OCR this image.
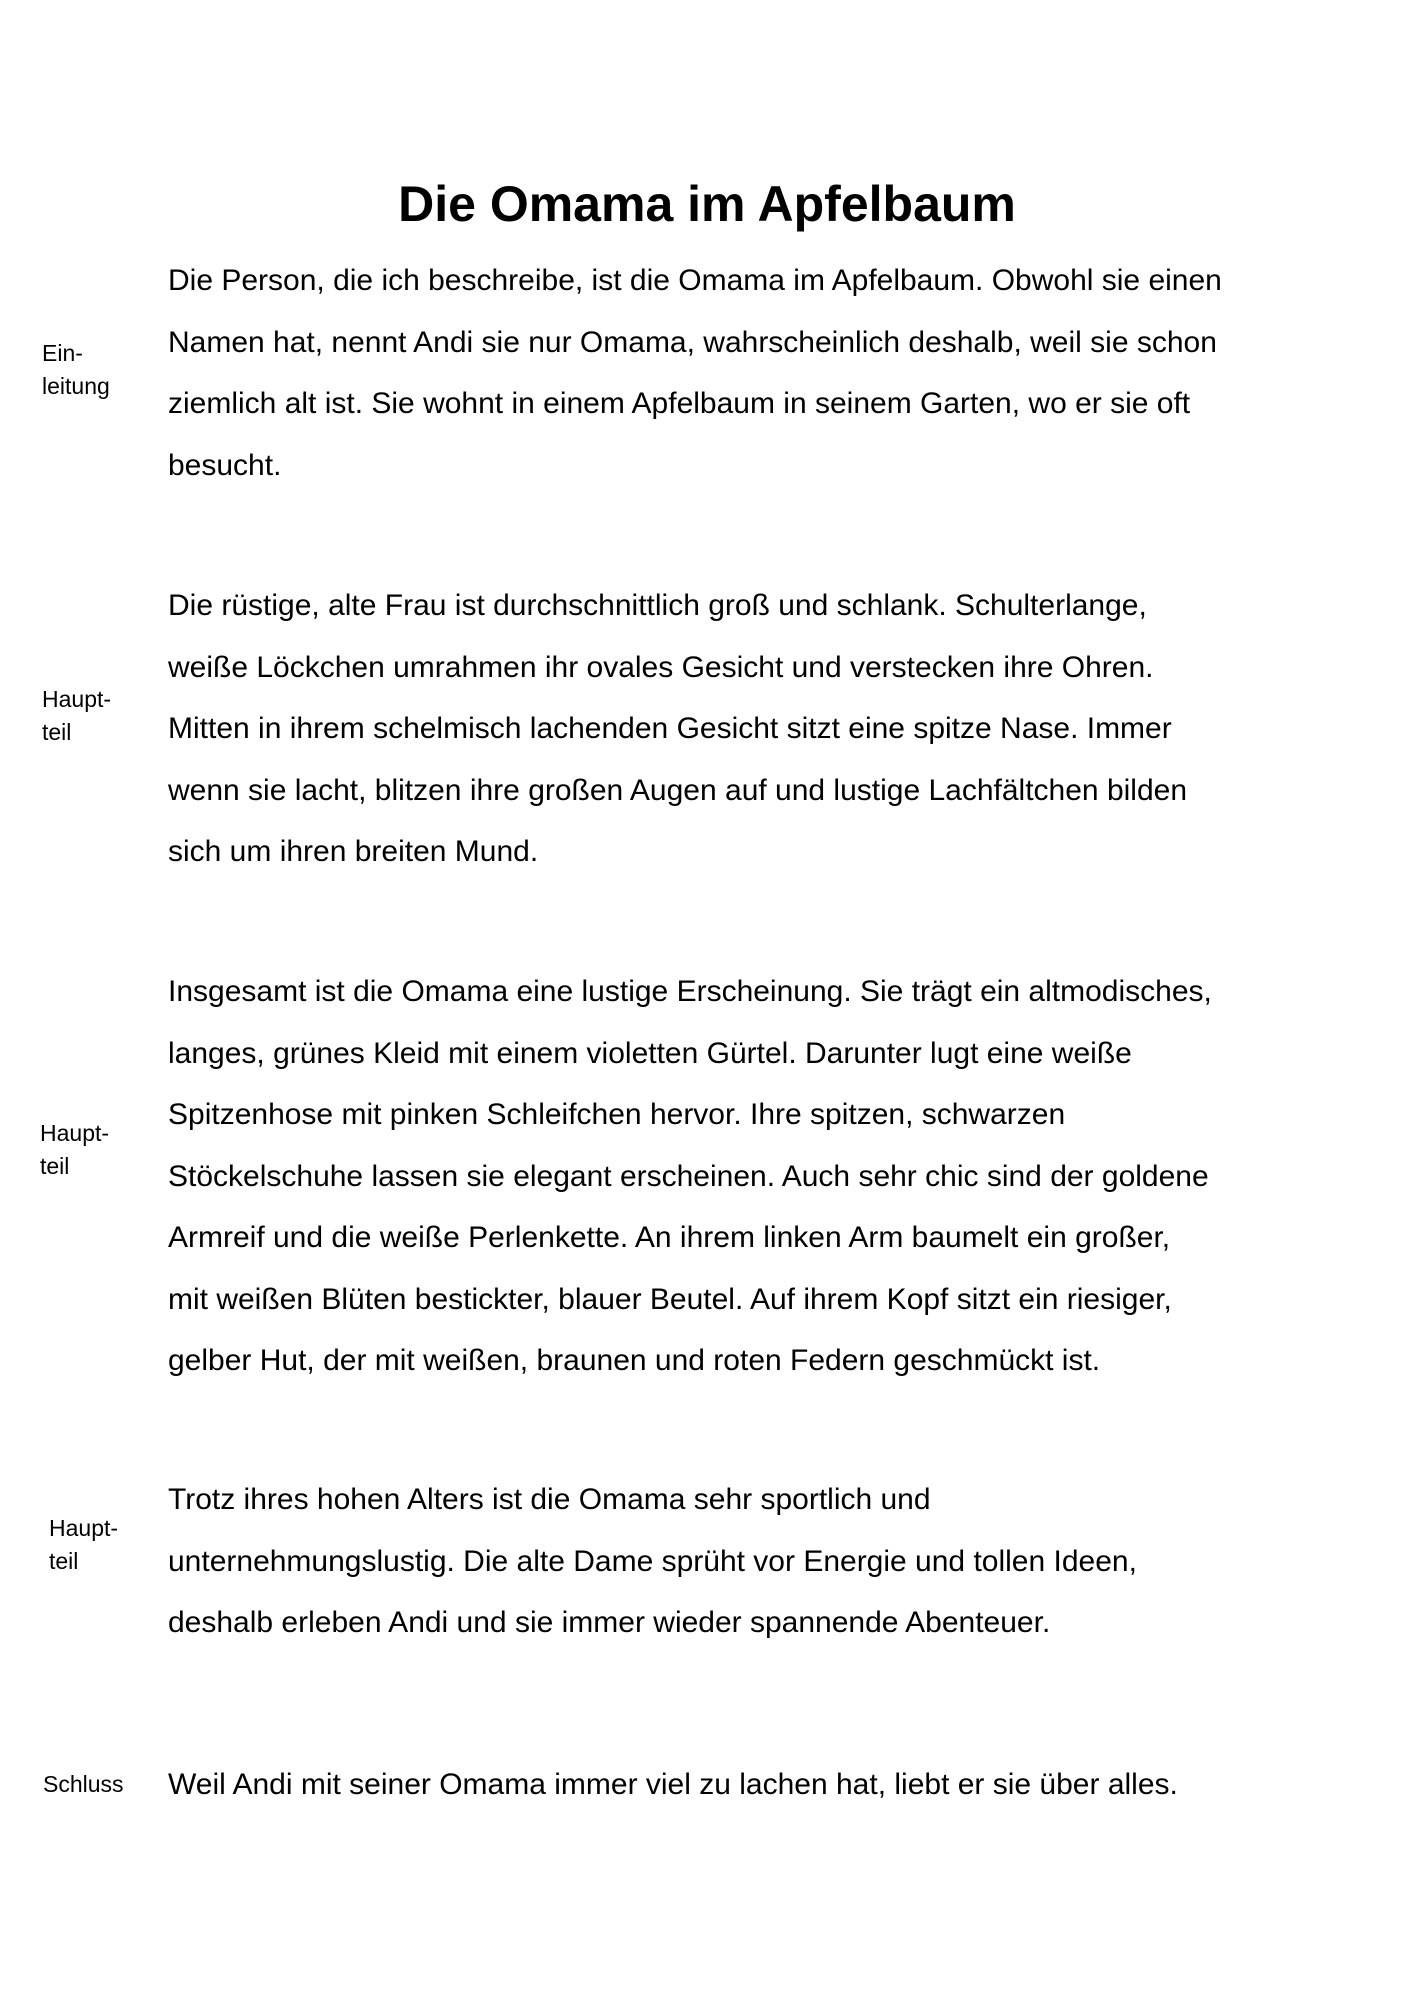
Die Omama im Apfelbaum
Ein-
leitung

Die Person, die ich beschreibe, ist die Omama im Apfelbaum. Obwohl sie einen
Namen hat, nennt Andi sie nur Omama, wahrscheinlich deshalb, weil sie schon
ziemlich alt ist. Sie wohnt in einem Apfelbaum in seinem Garten, wo er sie oft
besucht.

Haupt-
teil

Die rüstige, alte Frau ist durchschnittlich groß und schlank. Schulterlange,
weiße Löckchen umrahmen ihr ovales Gesicht und verstecken ihre Ohren.
Mitten in ihrem schelmisch lachenden Gesicht sitzt eine spitze Nase. Immer
wenn sie lacht, blitzen ihre großen Augen auf und lustige Lachfältchen bilden
sich um ihren breiten Mund.

Haupt-
teil

Insgesamt ist die Omama eine lustige Erscheinung. Sie trägt ein altmodisches,
langes, grünes Kleid mit einem violetten Gürtel. Darunter lugt eine weiße
Spitzenhose mit pinken Schleifchen hervor. Ihre spitzen, schwarzen
Stöckelschuhe lassen sie elegant erscheinen. Auch sehr chic sind der goldene
Armreif und die weiße Perlenkette. An ihrem linken Arm baumelt ein großer,
mit weißen Blüten bestickter, blauer Beutel. Auf ihrem Kopf sitzt ein riesiger,
gelber Hut, der mit weißen, braunen und roten Federn geschmückt ist.

Haupt-
teil

Trotz ihres hohen Alters ist die Omama sehr sportlich und
unternehmungslustig. Die alte Dame sprüht vor Energie und tollen Ideen,
deshalb erleben Andi und sie immer wieder spannende Abenteuer.

Schluss Weil Andi mit seiner Omama immer viel zu lachen hat, liebt er sie über alles.
